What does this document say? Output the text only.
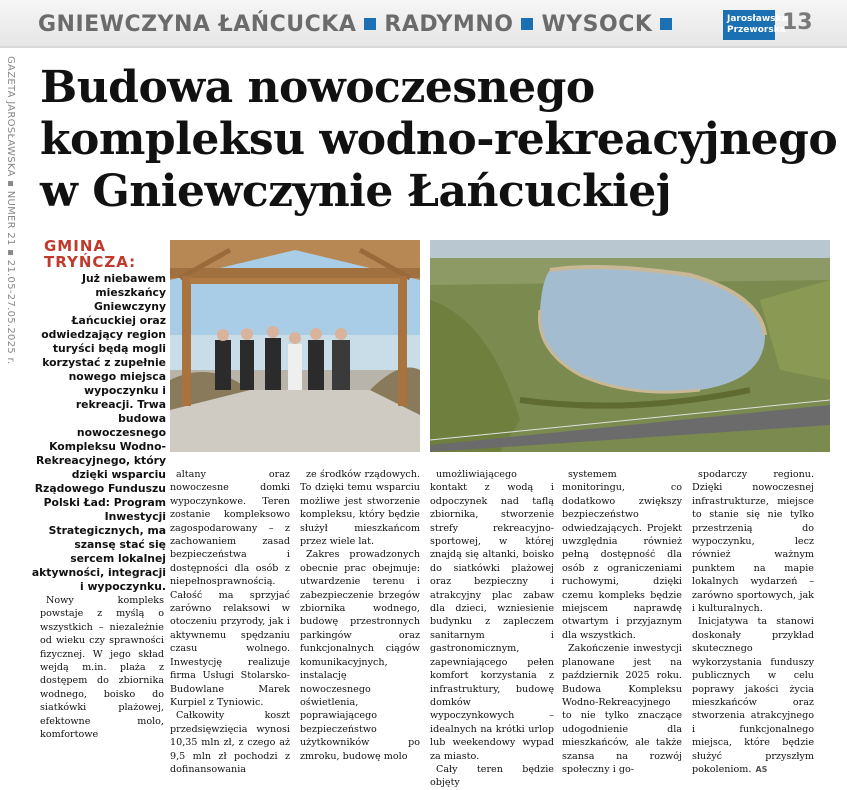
GNIEWCZYNA ŁAŃCUCKA RADYMNO WYSOCK	Jarosławska
Przeworska
13
GAZETA JAROSŁAWSKA ▪ NUMER 21 ▪ 21.05-27.05.2025 r. Budowa nowoczesnego kompleksu wodno-rekreacyjnego w Gniewczynie Łańcuckiej
GMINA
TRYŃCZA:

Już niebawem mieszkańcy Gniewczyny Łańcuckiej oraz odwiedzający region turyści będą mogli korzystać z zupełnie nowego miejsca wypoczynku i rekreacji. Trwa budowa nowoczesnego Kompleksu Wodno-Rekreacyjnego, który dzięki wsparciu Rządowego Funduszu Polski Ład: Program Inwestycji Strategicznych, ma szansę stać się sercem lokalnej aktywności, integracji i wypoczynku.

Nowy kompleks powstaje z myślą o wszystkich – niezależnie od wieku czy sprawności fizycznej. W jego skład wejdą m.in. plaża z dostępem do zbiornika wodnego, boisko do siatkówki plażowej, efektowne molo, komfortowe

altany oraz nowoczesne domki wypoczynkowe. Teren zostanie kompleksowo zagospodarowany – z zachowaniem zasad bezpieczeństwa i dostępności dla osób z niepełnosprawnością. Całość ma sprzyjać zarówno relaksowi w otoczeniu przyrody, jak i aktywnemu spędzaniu czasu wolnego. Inwestycję realizuje firma Usługi Stolarsko-Budowlane Marek Kurpiel z Tyniowic.

Całkowity koszt przedsięwzięcia wynosi 10,35 mln zł, z czego aż 9,5 mln zł pochodzi z dofinansowania

ze środków rządowych. To dzięki temu wsparciu możliwe jest stworzenie kompleksu, który będzie służył mieszkańcom przez wiele lat.

Zakres prowadzonych obecnie prac obejmuje: utwardzenie terenu i zabezpieczenie brzegów zbiornika wodnego, budowę przestronnych parkingów oraz funkcjonalnych ciągów komunikacyjnych, instalację nowoczesnego oświetlenia, poprawiającego bezpieczeństwo użytkowników po zmroku, budowę molo

umożliwiającego kontakt z wodą i odpoczynek nad taflą zbiornika, stworzenie strefy rekreacyjno-sportowej, w której znajdą się altanki, boisko do siatkówki plażowej oraz bezpieczny i atrakcyjny plac zabaw dla dzieci, wzniesienie budynku z zapleczem sanitarnym i gastronomicznym, zapewniającego pełen komfort korzystania z infrastruktury, budowę domków wypoczynkowych – idealnych na krótki urlop lub weekendowy wypad za miasto.

Cały teren będzie objęty

systemem monitoringu, co dodatkowo zwiększy bezpieczeństwo odwiedzających. Projekt uwzględnia również pełną dostępność dla osób z ograniczeniami ruchowymi, dzięki czemu kompleks będzie miejscem naprawdę otwartym i przyjaznym dla wszystkich.

Zakończenie inwestycji planowane jest na październik 2025 roku. Budowa Kompleksu Wodno-Rekreacyjnego to nie tylko znaczące udogodnienie dla mieszkańców, ale także szansa na rozwój społeczny i go-

spodarczy regionu. Dzięki nowoczesnej infrastrukturze, miejsce to stanie się nie tylko przestrzenią do wypoczynku, lecz również ważnym punktem na mapie lokalnych wydarzeń – zarówno sportowych, jak i kulturalnych.

Inicjatywa ta stanowi doskonały przykład skutecznego wykorzystania funduszy publicznych w celu poprawy jakości życia mieszkańców oraz stworzenia atrakcyjnego i funkcjonalnego miejsca, które będzie służyć przyszłym pokoleniom. AS
